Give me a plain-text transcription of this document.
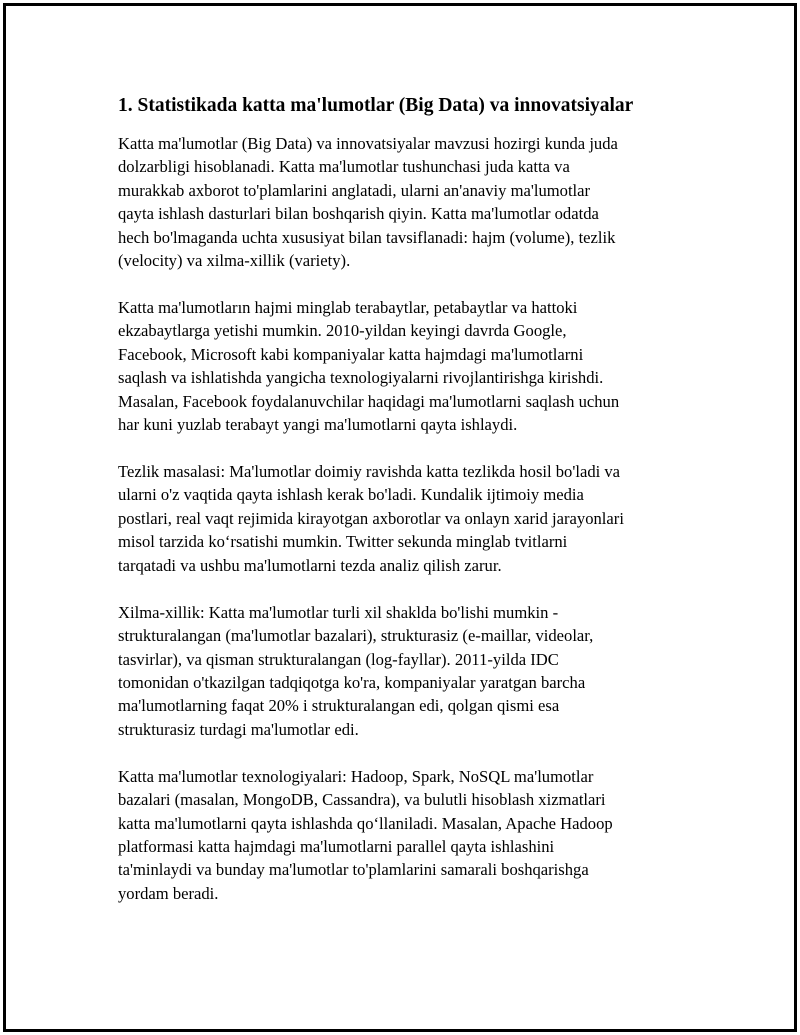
1. Statistikada katta ma'lumotlar (Big Data) va innovatsiyalar

Katta ma'lumotlar (Big Data) va innovatsiyalar mavzusi hozirgi kunda juda
dolzarbligi hisoblanadi. Katta ma'lumotlar tushunchasi juda katta va
murakkab axborot to'plamlarini anglatadi, ularni an'anaviy ma'lumotlar
qayta ishlash dasturlari bilan boshqarish qiyin. Katta ma'lumotlar odatda
hech bo'lmaganda uchta xususiyat bilan tavsiflanadi: hajm (volume), tezlik
(velocity) va xilma-xillik (variety).

Katta ma'lumotların hajmi minglab terabaytlar, petabaytlar va hattoki
ekzabaytlarga yetishi mumkin. 2010-yildan keyingi davrda Google,
Facebook, Microsoft kabi kompaniyalar katta hajmdagi ma'lumotlarni
saqlash va ishlatishda yangicha texnologiyalarni rivojlantirishga kirishdi.
Masalan, Facebook foydalanuvchilar haqidagi ma'lumotlarni saqlash uchun
har kuni yuzlab terabayt yangi ma'lumotlarni qayta ishlaydi.

Tezlik masalasi: Ma'lumotlar doimiy ravishda katta tezlikda hosil bo'ladi va
ularni o'z vaqtida qayta ishlash kerak bo'ladi. Kundalik ijtimoiy media
postlari, real vaqt rejimida kirayotgan axborotlar va onlayn xarid jarayonlari
misol tarzida ko‘rsatishi mumkin. Twitter sekunda minglab tvitlarni
tarqatadi va ushbu ma'lumotlarni tezda analiz qilish zarur.

Xilma-xillik: Katta ma'lumotlar turli xil shaklda bo'lishi mumkin -
strukturalangan (ma'lumotlar bazalari), strukturasiz (e-maillar, videolar,
tasvirlar), va qisman strukturalangan (log-fayllar). 2011-yilda IDC
tomonidan o'tkazilgan tadqiqotga ko'ra, kompaniyalar yaratgan barcha
ma'lumotlarning faqat 20% i strukturalangan edi, qolgan qismi esa
strukturasiz turdagi ma'lumotlar edi.

Katta ma'lumotlar texnologiyalari: Hadoop, Spark, NoSQL ma'lumotlar
bazalari (masalan, MongoDB, Cassandra), va bulutli hisoblash xizmatlari
katta ma'lumotlarni qayta ishlashda qo‘llaniladi. Masalan, Apache Hadoop
platformasi katta hajmdagi ma'lumotlarni parallel qayta ishlashini
ta'minlaydi va bunday ma'lumotlar to'plamlarini samarali boshqarishga
yordam beradi.
